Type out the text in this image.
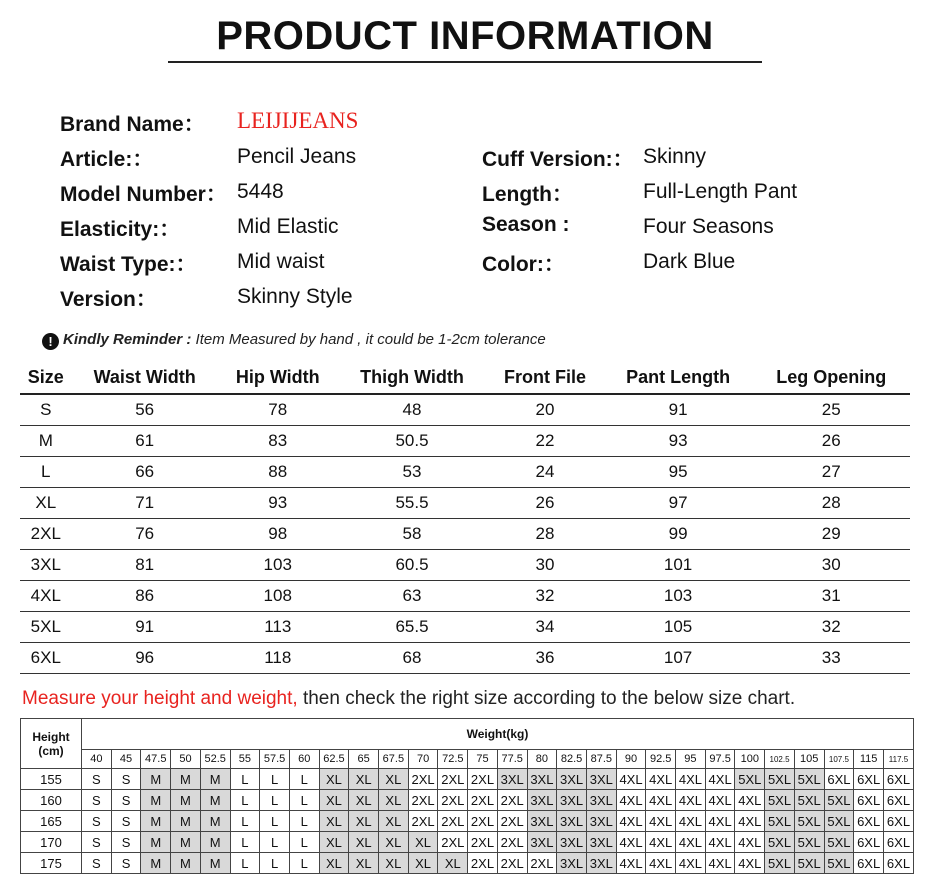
PRODUCT INFORMATION
Brand Name： LEIJIJEANS
Article:：	Pencil Jeans
Model Number： 5448
Elasticity:：	Mid Elastic
Waist Type:： Mid waist
Version：	Skinny Style
Cuff Version:： Skinny
Length：	Full-Length Pant
Season :	Four Seasons
Color:：	Dark Blue
! Kindly Reminder : Item Measured by hand , it could be 1-2cm tolerance
Size	Waist Width	Hip Width	Thigh Width	Front File	Pant Length	Leg Opening
S	56	78	48	20	91	25
M	61	83	50.5	22	93	26
L	66	88	53	24	95	27
XL	71	93	55.5	26	97	28
2XL	76	98	58	28	99	29
3XL	81	103	60.5	30	101	30
4XL	86	108	63	32	103	31
5XL	91	113	65.5	34	105	32
6XL	96	118	68	36	107	33
Measure your height and weight, then check the right size according to the below size chart.
Height
(cm)	Weight(kg)																											
	40	45	47.5	50	52.5	55	57.5	60	62.5	65	67.5	70	72.5	75	77.5	80	82.5	87.5	90	92.5	95	97.5	100	102.5	105	107.5	115	117.5
155	S	S	M	M	M	L	L	L	XL	XL	XL	2XL	2XL	2XL	3XL	3XL	3XL	3XL	4XL	4XL	4XL	4XL	5XL	5XL	5XL	6XL	6XL	6XL
160	S	S	M	M	M	L	L	L	XL	XL	XL	2XL	2XL	2XL	2XL	3XL	3XL	3XL	4XL	4XL	4XL	4XL	4XL	5XL	5XL	5XL	6XL	6XL
165	S	S	M	M	M	L	L	L	XL	XL	XL	2XL	2XL	2XL	2XL	3XL	3XL	3XL	4XL	4XL	4XL	4XL	4XL	5XL	5XL	5XL	6XL	6XL
170	S	S	M	M	M	L	L	L	XL	XL	XL	XL	2XL	2XL	2XL	3XL	3XL	3XL	4XL	4XL	4XL	4XL	4XL	5XL	5XL	5XL	6XL	6XL
175	S	S	M	M	M	L	L	L	XL	XL	XL	XL	XL	2XL	2XL	2XL	3XL	3XL	4XL	4XL	4XL	4XL	4XL	5XL	5XL	5XL	6XL	6XL
